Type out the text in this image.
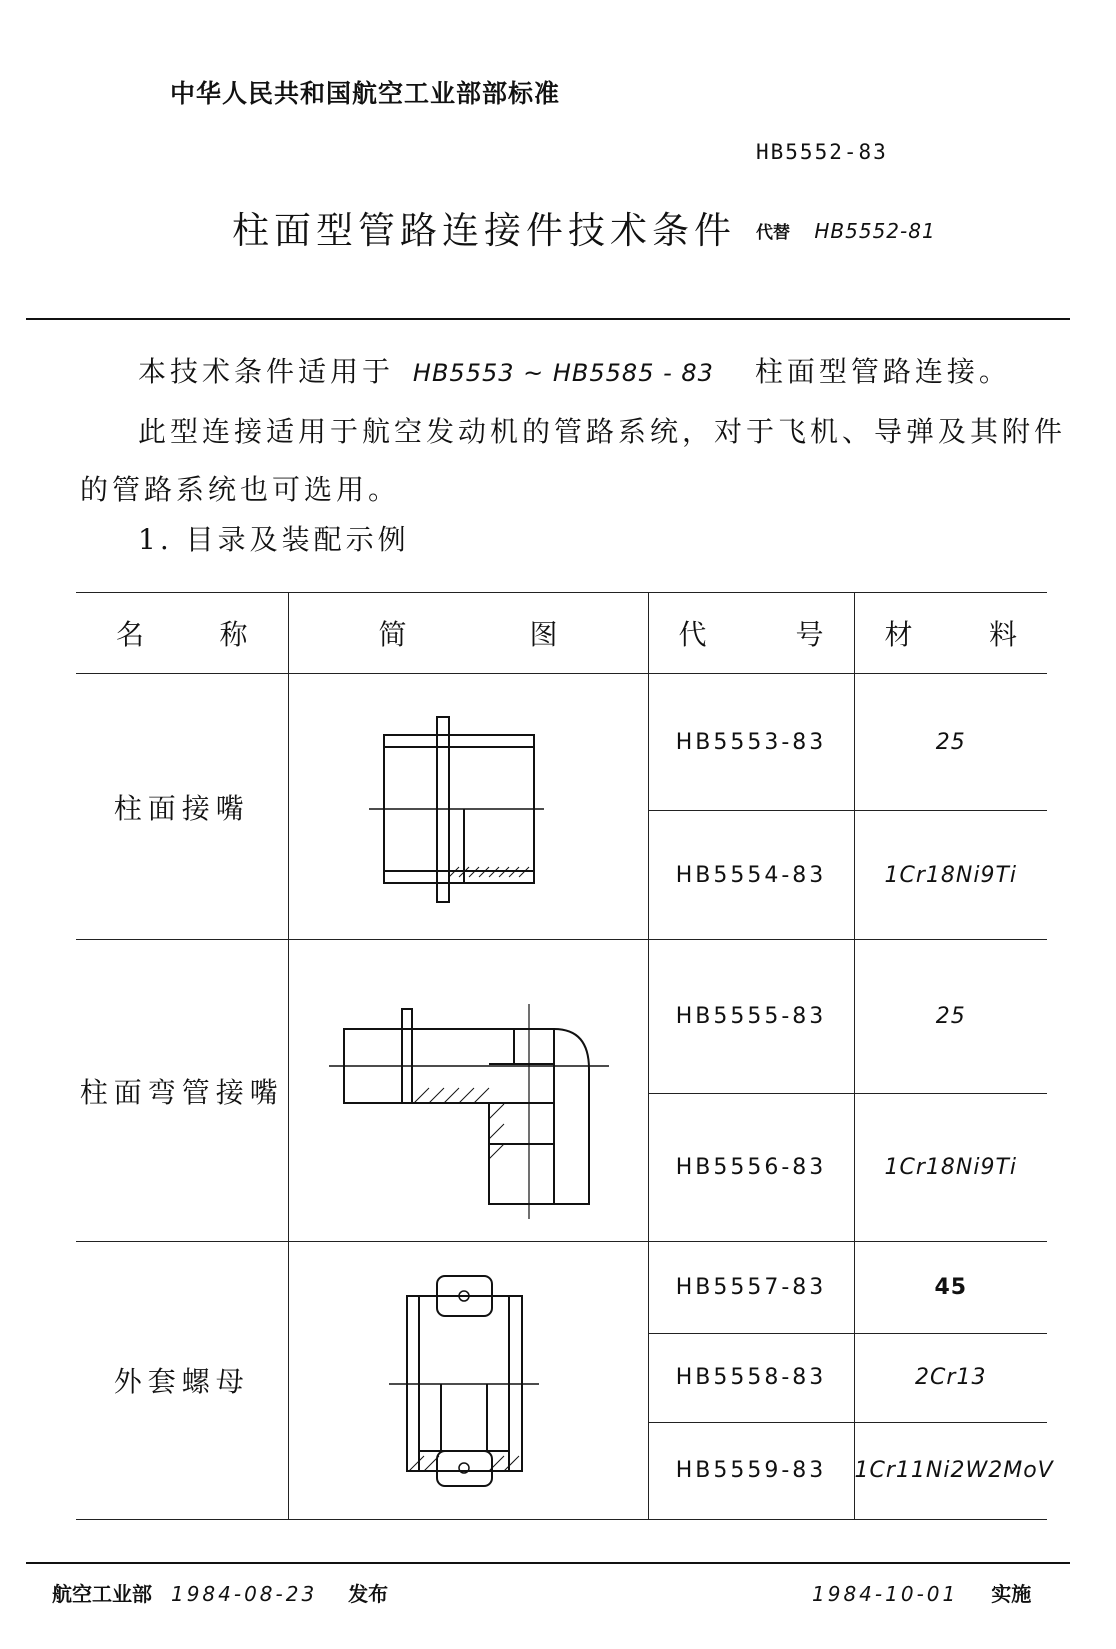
中华人民共和国航空工业部部标准
HB5552-83
柱面型管路连接件技术条件 代替 HB5552-81
本技术条件适用于 HB5553 ~ HB5585 - 83 柱面型管路连接。
此型连接适用于航空发动机的管路系统，对于飞机、导弹及其附件
的管路系统也可选用。
1. 目录及装配示例
名 称	简 图	代 号	材 料

柱面接嘴		HB5553-83	25
		HB5554-83	1Cr18Ni9Ti
柱面弯管接嘴		HB5555-83	25
		HB5556-83	1Cr18Ni9Ti
外套螺母		HB5557-83	45
		HB5558-83	2Cr13
		HB5559-83	1Cr11Ni2W2MoV
航空工业部 1984-08-23 发布	1984-10-01 实施
